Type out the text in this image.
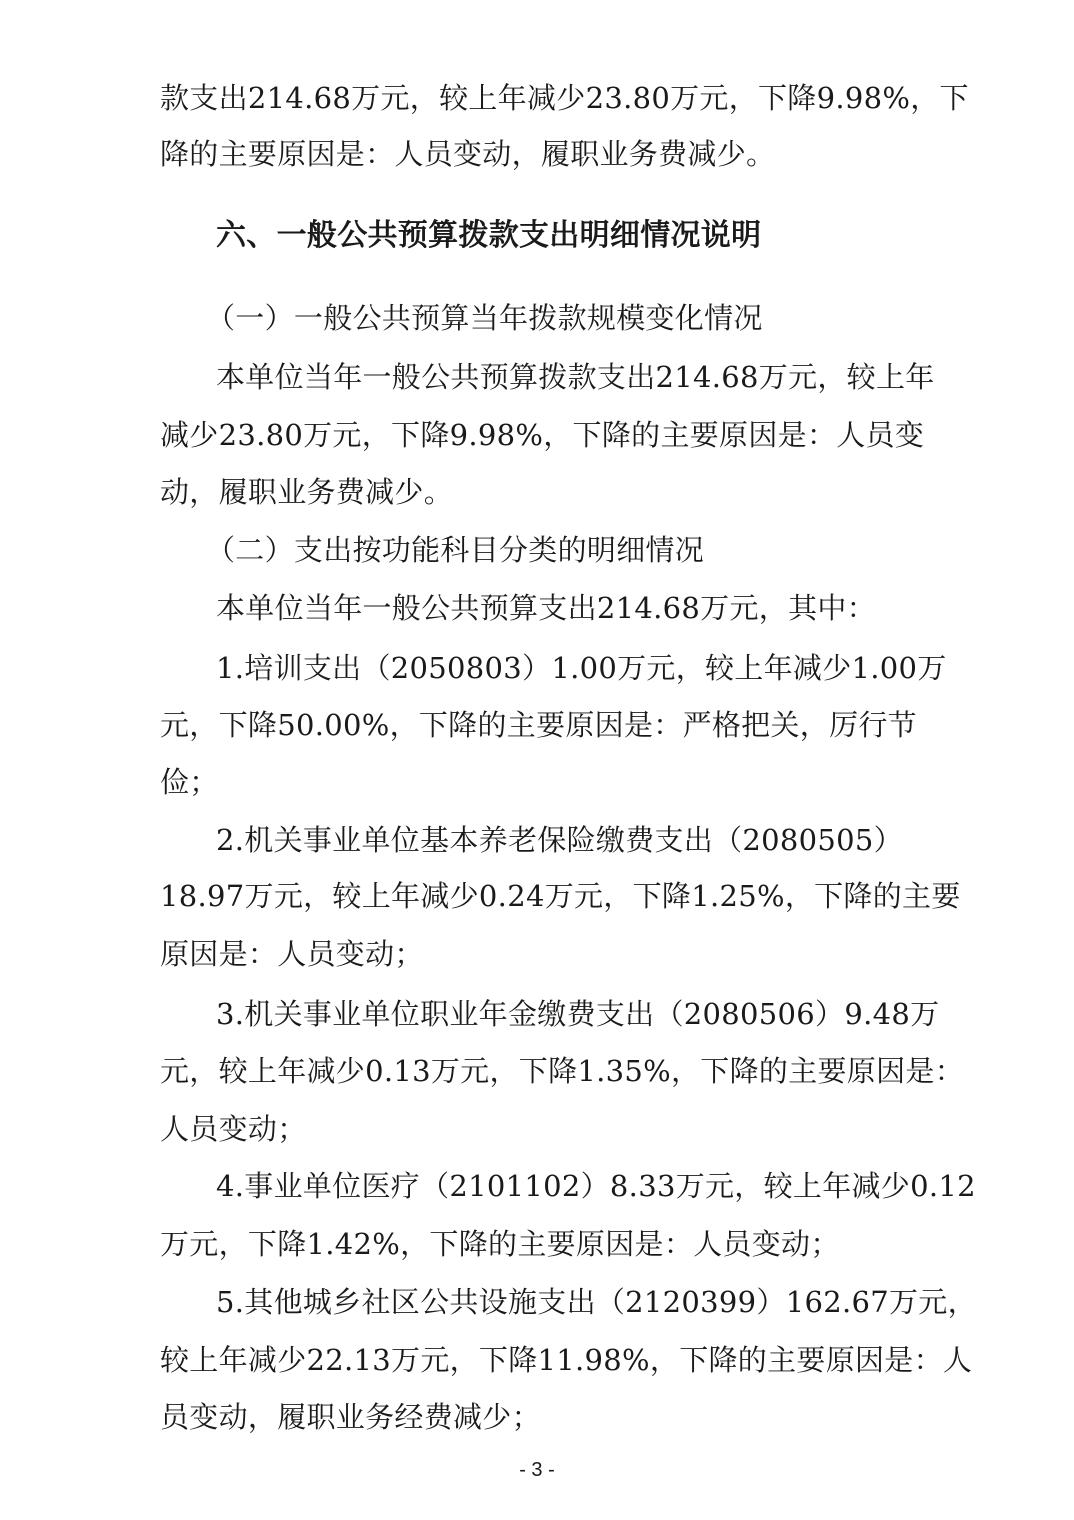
款支出214.68万元，较上年减少23.80万元，下降9.98%，下
降的主要原因是：人员变动，履职业务费减少。
六、一般公共预算拨款支出明细情况说明
（一）一般公共预算当年拨款规模变化情况
本单位当年一般公共预算拨款支出214.68万元，较上年
减少23.80万元，下降9.98%，下降的主要原因是：人员变
动，履职业务费减少。
（二）支出按功能科目分类的明细情况
本单位当年一般公共预算支出214.68万元，其中：
1.培训支出（2050803）1.00万元，较上年减少1.00万
元，下降50.00%，下降的主要原因是：严格把关，厉行节
俭；
2.机关事业单位基本养老保险缴费支出（2080505）
18.97万元，较上年减少0.24万元，下降1.25%，下降的主要
原因是：人员变动；
3.机关事业单位职业年金缴费支出（2080506）9.48万
元，较上年减少0.13万元，下降1.35%，下降的主要原因是：
人员变动；
4.事业单位医疗（2101102）8.33万元，较上年减少0.12
万元，下降1.42%，下降的主要原因是：人员变动；
5.其他城乡社区公共设施支出（2120399）162.67万元，
较上年减少22.13万元，下降11.98%，下降的主要原因是：人
员变动，履职业务经费减少；
- 3 -
